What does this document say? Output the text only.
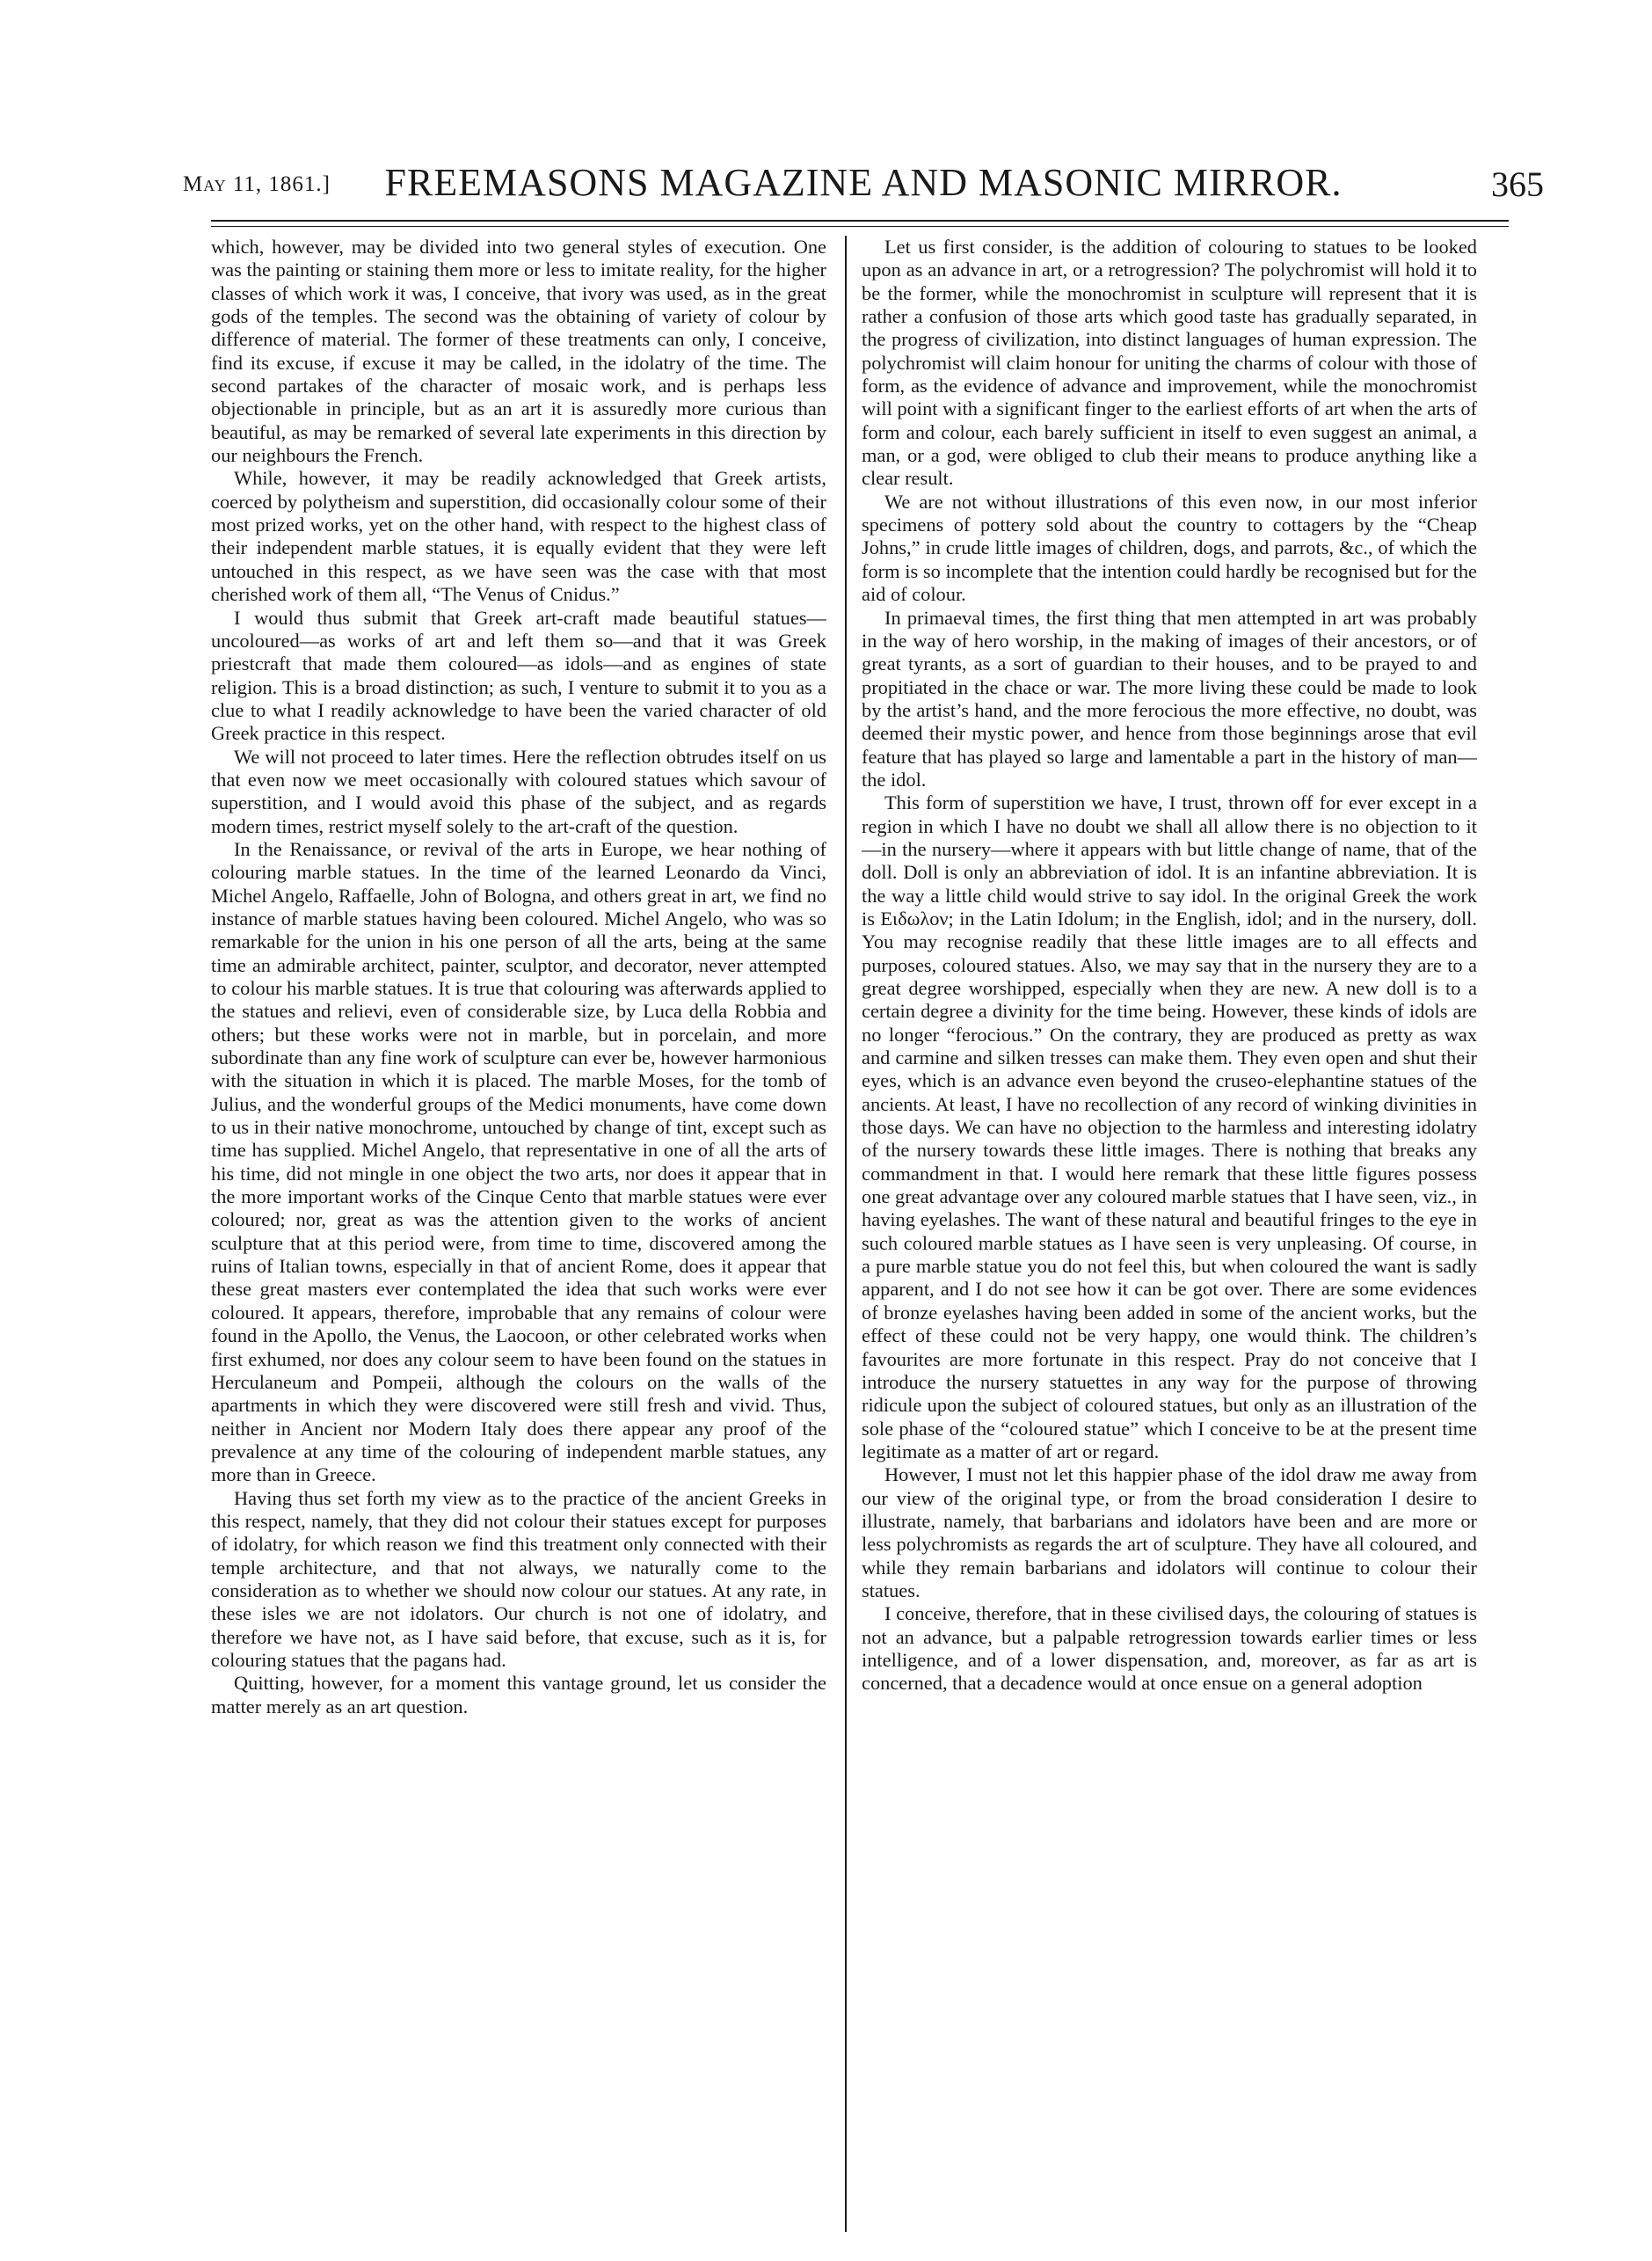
May 11, 1861.]	FREEMASONS MAGAZINE AND MASONIC MIRROR.	365

which, however, may be divided into two general styles of execution. One was the painting or staining them more or less to imitate reality, for the higher classes of which work it was, I conceive, that ivory was used, as in the great gods of the temples. The second was the obtaining of variety of colour by difference of material. The former of these treatments can only, I conceive, find its excuse, if excuse it may be called, in the idolatry of the time. The second partakes of the character of mosaic work, and is perhaps less objectionable in principle, but as an art it is assuredly more curious than beautiful, as may be remarked of several late experiments in this direction by our neighbours the French.

While, however, it may be readily acknowledged that Greek artists, coerced by polytheism and superstition, did occasionally colour some of their most prized works, yet on the other hand, with respect to the highest class of their independent marble statues, it is equally evident that they were left untouched in this respect, as we have seen was the case with that most cherished work of them all, “The Venus of Cnidus.”

I would thus submit that Greek art-craft made beautiful statues—uncoloured—as works of art and left them so—and that it was Greek priestcraft that made them coloured—as idols—and as engines of state religion. This is a broad distinction; as such, I venture to submit it to you as a clue to what I readily acknowledge to have been the varied character of old Greek practice in this respect.

We will not proceed to later times. Here the reflection obtrudes itself on us that even now we meet occasionally with coloured statues which savour of superstition, and I would avoid this phase of the subject, and as regards modern times, restrict myself solely to the art-craft of the question.

In the Renaissance, or revival of the arts in Europe, we hear nothing of colouring marble statues. In the time of the learned Leonardo da Vinci, Michel Angelo, Raffaelle, John of Bologna, and others great in art, we find no instance of marble statues having been coloured. Michel Angelo, who was so remarkable for the union in his one person of all the arts, being at the same time an admirable architect, painter, sculptor, and decorator, never attempted to colour his marble statues. It is true that colouring was afterwards applied to the statues and relievi, even of considerable size, by Luca della Robbia and others; but these works were not in marble, but in porcelain, and more subordinate than any fine work of sculpture can ever be, however harmonious with the situation in which it is placed. The marble Moses, for the tomb of Julius, and the wonderful groups of the Medici monuments, have come down to us in their native monochrome, untouched by change of tint, except such as time has supplied. Michel Angelo, that representative in one of all the arts of his time, did not mingle in one object the two arts, nor does it appear that in the more important works of the Cinque Cento that marble statues were ever coloured; nor, great as was the attention given to the works of ancient sculpture that at this period were, from time to time, discovered among the ruins of Italian towns, especially in that of ancient Rome, does it appear that these great masters ever contemplated the idea that such works were ever coloured. It appears, therefore, improbable that any remains of colour were found in the Apollo, the Venus, the Laocoon, or other celebrated works when first exhumed, nor does any colour seem to have been found on the statues in Herculaneum and Pompeii, although the colours on the walls of the apartments in which they were discovered were still fresh and vivid. Thus, neither in Ancient nor Modern Italy does there appear any proof of the prevalence at any time of the colouring of independent marble statues, any more than in Greece.

Having thus set forth my view as to the practice of the ancient Greeks in this respect, namely, that they did not colour their statues except for purposes of idolatry, for which reason we find this treatment only connected with their temple architecture, and that not always, we naturally come to the consideration as to whether we should now colour our statues. At any rate, in these isles we are not idolators. Our church is not one of idolatry, and therefore we have not, as I have said before, that excuse, such as it is, for colouring statues that the pagans had.

Quitting, however, for a moment this vantage ground, let us consider the matter merely as an art question.

Let us first consider, is the addition of colouring to statues to be looked upon as an advance in art, or a retrogression? The polychromist will hold it to be the former, while the monochromist in sculpture will represent that it is rather a confusion of those arts which good taste has gradually separated, in the progress of civilization, into distinct languages of human expression. The polychromist will claim honour for uniting the charms of colour with those of form, as the evidence of advance and improvement, while the monochromist will point with a significant finger to the earliest efforts of art when the arts of form and colour, each barely sufficient in itself to even suggest an animal, a man, or a god, were obliged to club their means to produce anything like a clear result.

We are not without illustrations of this even now, in our most inferior specimens of pottery sold about the country to cottagers by the “Cheap Johns,” in crude little images of children, dogs, and parrots, &c., of which the form is so incomplete that the intention could hardly be recognised but for the aid of colour.

In primaeval times, the first thing that men attempted in art was probably in the way of hero worship, in the making of images of their ancestors, or of great tyrants, as a sort of guardian to their houses, and to be prayed to and propitiated in the chace or war. The more living these could be made to look by the artist’s hand, and the more ferocious the more effective, no doubt, was deemed their mystic power, and hence from those beginnings arose that evil feature that has played so large and lamentable a part in the history of man—the idol.

This form of superstition we have, I trust, thrown off for ever except in a region in which I have no doubt we shall all allow there is no objection to it—in the nursery—where it appears with but little change of name, that of the doll. Doll is only an abbreviation of idol. It is an infantine abbreviation. It is the way a little child would strive to say idol. In the original Greek the work is Ειδωλον; in the Latin Idolum; in the English, idol; and in the nursery, doll. You may recognise readily that these little images are to all effects and purposes, coloured statues. Also, we may say that in the nursery they are to a great degree worshipped, especially when they are new. A new doll is to a certain degree a divinity for the time being. However, these kinds of idols are no longer “ferocious.” On the contrary, they are produced as pretty as wax and carmine and silken tresses can make them. They even open and shut their eyes, which is an advance even beyond the cruseo-elephantine statues of the ancients. At least, I have no recollection of any record of winking divinities in those days. We can have no objection to the harmless and interesting idolatry of the nursery towards these little images. There is nothing that breaks any commandment in that. I would here remark that these little figures possess one great advantage over any coloured marble statues that I have seen, viz., in having eyelashes. The want of these natural and beautiful fringes to the eye in such coloured marble statues as I have seen is very unpleasing. Of course, in a pure marble statue you do not feel this, but when coloured the want is sadly apparent, and I do not see how it can be got over. There are some evidences of bronze eyelashes having been added in some of the ancient works, but the effect of these could not be very happy, one would think. The children’s favourites are more fortunate in this respect. Pray do not conceive that I introduce the nursery statuettes in any way for the purpose of throwing ridicule upon the subject of coloured statues, but only as an illustration of the sole phase of the “coloured statue” which I conceive to be at the present time legitimate as a matter of art or regard.

However, I must not let this happier phase of the idol draw me away from our view of the original type, or from the broad consideration I desire to illustrate, namely, that barbarians and idolators have been and are more or less polychromists as regards the art of sculpture. They have all coloured, and while they remain barbarians and idolators will continue to colour their statues.

I conceive, therefore, that in these civilised days, the colouring of statues is not an advance, but a palpable retrogression towards earlier times or less intelligence, and of a lower dispensation, and, moreover, as far as art is concerned, that a decadence would at once ensue on a general adoption
